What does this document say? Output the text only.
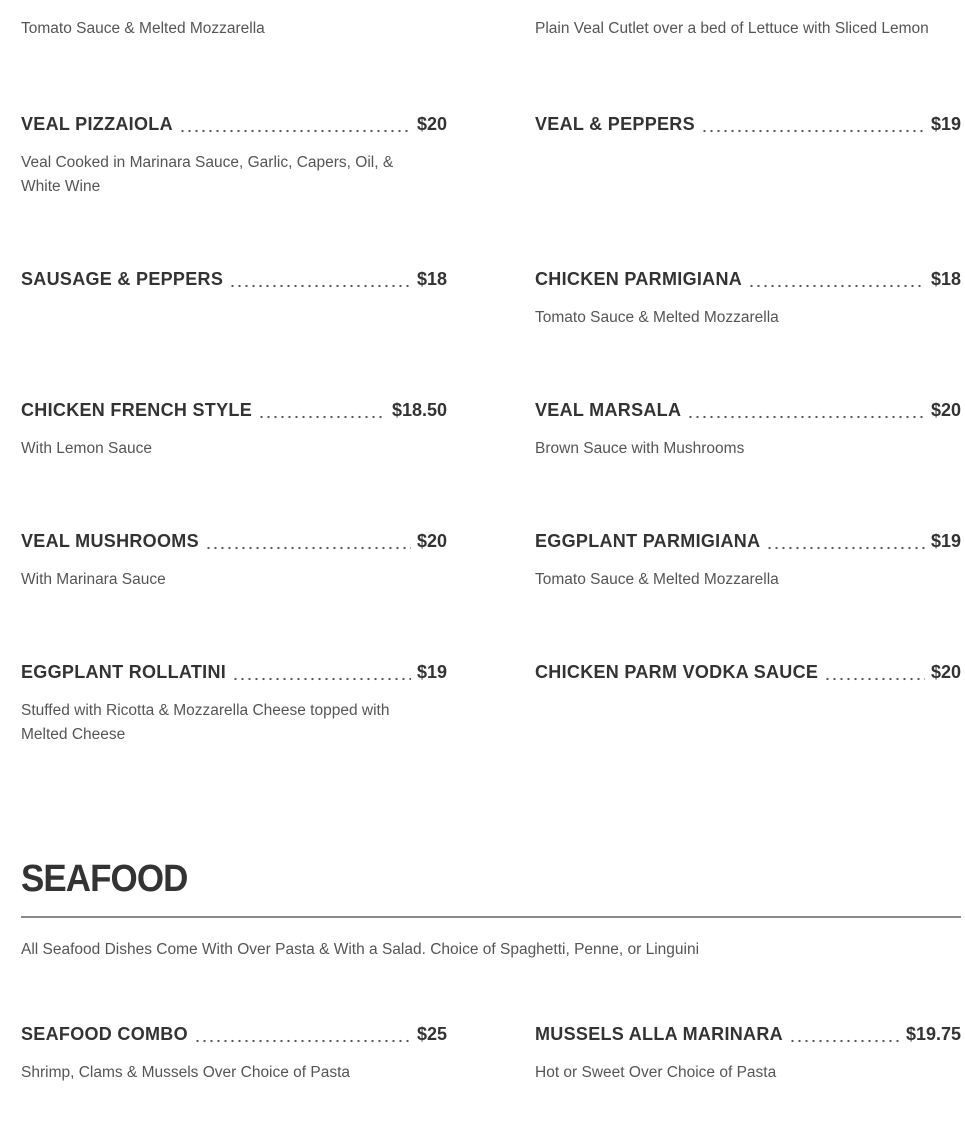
Tomato Sauce & Melted Mozzarella	Plain Veal Cutlet over a bed of Lettuce with Sliced Lemon
VEAL PIZZAIOLA	$20
Veal Cooked in Marinara Sauce, Garlic, Capers, Oil, & White Wine
VEAL & PEPPERS	$19
SAUSAGE & PEPPERS	$18	CHICKEN PARMIGIANA	$18
Tomato Sauce & Melted Mozzarella
CHICKEN FRENCH STYLE	$18.50
With Lemon Sauce
VEAL MARSALA	$20
Brown Sauce with Mushrooms
VEAL MUSHROOMS	$20
With Marinara Sauce
EGGPLANT PARMIGIANA	$19
Tomato Sauce & Melted Mozzarella
EGGPLANT ROLLATINI	$19
Stuffed with Ricotta & Mozzarella Cheese topped with Melted Cheese
CHICKEN PARM VODKA SAUCE	$20
SEAFOOD
All Seafood Dishes Come With Over Pasta & With a Salad. Choice of Spaghetti, Penne, or Linguini
SEAFOOD COMBO	$25
Shrimp, Clams & Mussels Over Choice of Pasta
MUSSELS ALLA MARINARA	$19.75
Hot or Sweet Over Choice of Pasta
